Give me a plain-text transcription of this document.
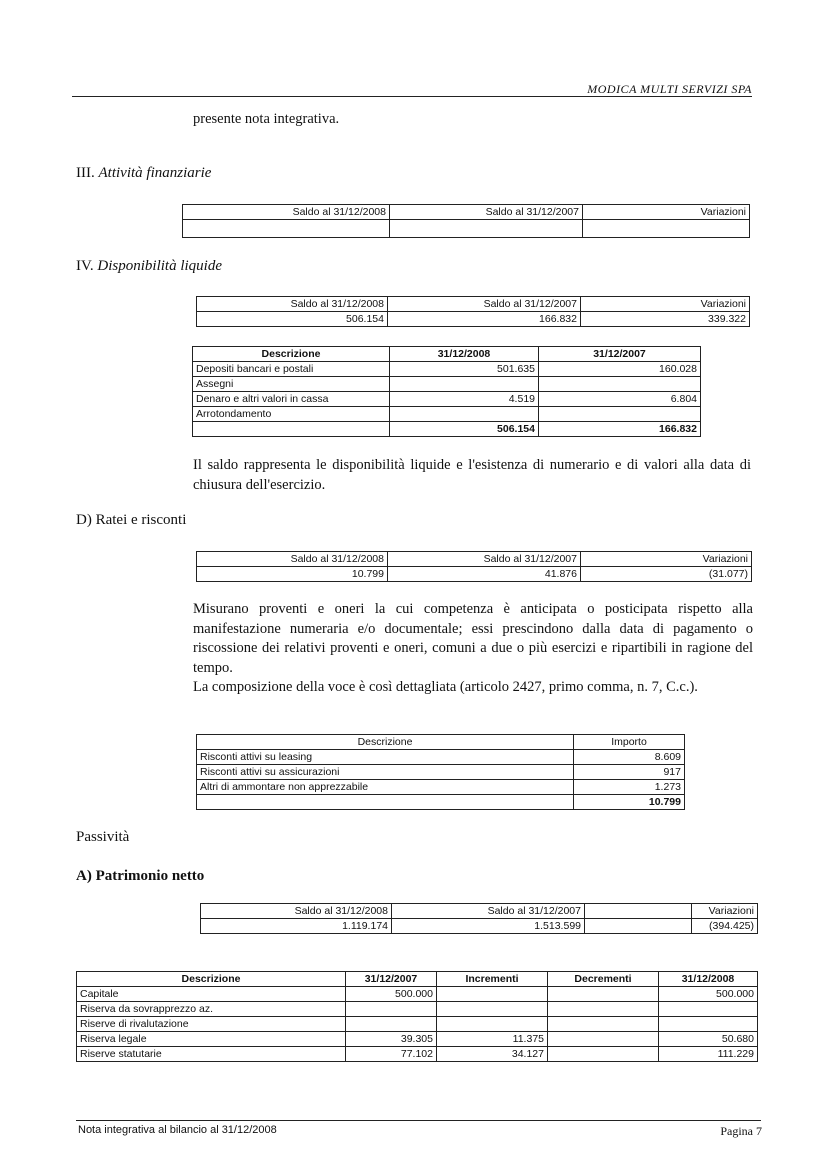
MODICA MULTI SERVIZI SPA
presente nota integrativa.
III. Attività finanziarie
Saldo al 31/12/2008	Saldo al 31/12/2007	Variazioni

IV. Disponibilità liquide
Saldo al 31/12/2008	Saldo al 31/12/2007	Variazioni
506.154	166.832	339.322
Descrizione	31/12/2008	31/12/2007
Depositi bancari e postali	501.635	160.028
Assegni		
Denaro e altri valori in cassa	4.519	6.804
Arrotondamento		
	506.154	166.832
Il saldo rappresenta le disponibilità liquide e l'esistenza di numerario e di valori alla data di chiusura dell'esercizio.
D) Ratei e risconti
Saldo al 31/12/2008	Saldo al 31/12/2007	Variazioni
10.799	41.876	(31.077)
Misurano proventi e oneri la cui competenza è anticipata o posticipata rispetto alla manifestazione numeraria e/o documentale; essi prescindono dalla data di pagamento o riscossione dei relativi proventi e oneri, comuni a due o più esercizi e ripartibili in ragione del tempo.
La composizione della voce è così dettagliata (articolo 2427, primo comma, n. 7, C.c.).
Descrizione	Importo
Risconti attivi su leasing	8.609
Risconti attivi su assicurazioni	917
Altri di ammontare non apprezzabile	1.273
	10.799
Passività
A) Patrimonio netto
Saldo al 31/12/2008	Saldo al 31/12/2007		Variazioni
1.119.174	1.513.599		(394.425)
Descrizione	31/12/2007	Incrementi	Decrementi	31/12/2008
Capitale	500.000			500.000
Riserva da sovrapprezzo az.				
Riserve di rivalutazione				
Riserva legale	39.305	11.375		50.680
Riserve statutarie	77.102	34.127		111.229
Nota integrativa al bilancio al 31/12/2008	Pagina 7
